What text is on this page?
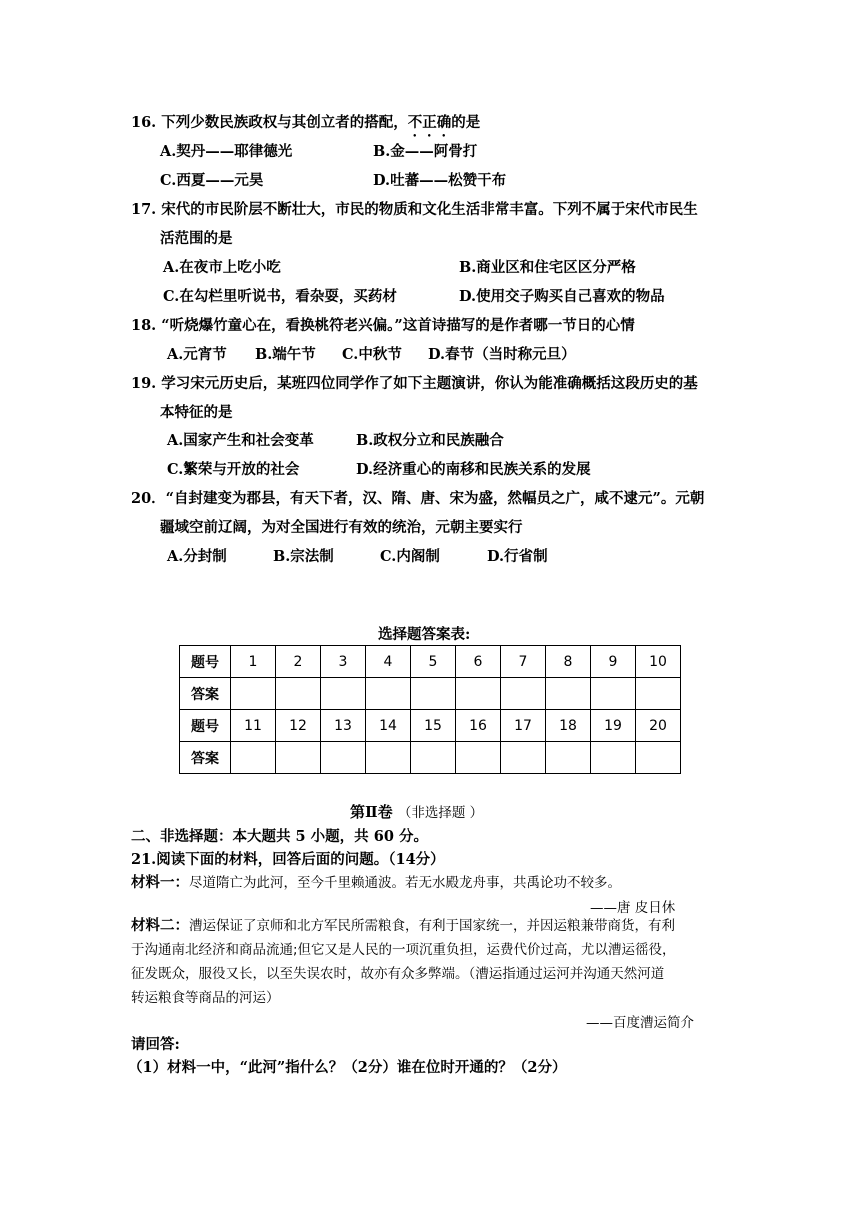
16. 下列少数民族政权与其创立者的搭配，不正确的是
A.契丹——耶律德光	B.金——阿骨打
C.西夏——元昊	D.吐蕃——松赞干布
17. 宋代的市民阶层不断壮大，市民的物质和文化生活非常丰富。下列不属于宋代市民生
活范围的是
A.在夜市上吃小吃	B.商业区和住宅区区分严格
C.在勾栏里听说书，看杂耍，买药材	D.使用交子购买自己喜欢的物品
18. “听烧爆竹童心在，看换桃符老兴偏。”这首诗描写的是作者哪一节日的心情
A.元宵节 B.端午节 C.中秋节 D.春节（当时称元旦）
19. 学习宋元历史后，某班四位同学作了如下主题演讲，你认为能准确概括这段历史的基
本特征的是
A.国家产生和社会变革	B.政权分立和民族融合
C.繁荣与开放的社会	D.经济重心的南移和民族关系的发展
20．“自封建变为郡县，有天下者，汉、隋、唐、宋为盛，然幅员之广，咸不逮元”。元朝
疆域空前辽阔，为对全国进行有效的统治，元朝主要实行
A.分封制	B.宗法制	C.内阁制	D.行省制
选择题答案表:
题号	1	2	3	4	5	6	7	8	9	10
答案										
题号	11	12	13	14	15	16	17	18	19	20
答案										
第Ⅱ卷 （非选择题 ）
二、非选择题：本大题共 5 小题，共 60 分。
21.阅读下面的材料，回答后面的问题。（14分）
材料一：尽道隋亡为此河，至今千里赖通波。若无水殿龙舟事，共禹论功不较多。
——唐 皮日休
材料二：漕运保证了京师和北方军民所需粮食，有利于国家统一，并因运粮兼带商货，有利
于沟通南北经济和商品流通;但它又是人民的一项沉重负担，运费代价过高，尤以漕运徭役，
征发既众，服役又长，以至失误农时，故亦有众多弊端。（漕运指通过运河并沟通天然河道
转运粮食等商品的河运）
——百度漕运简介
请回答:
（1）材料一中，“此河”指什么？（2分）谁在位时开通的？（2分）
